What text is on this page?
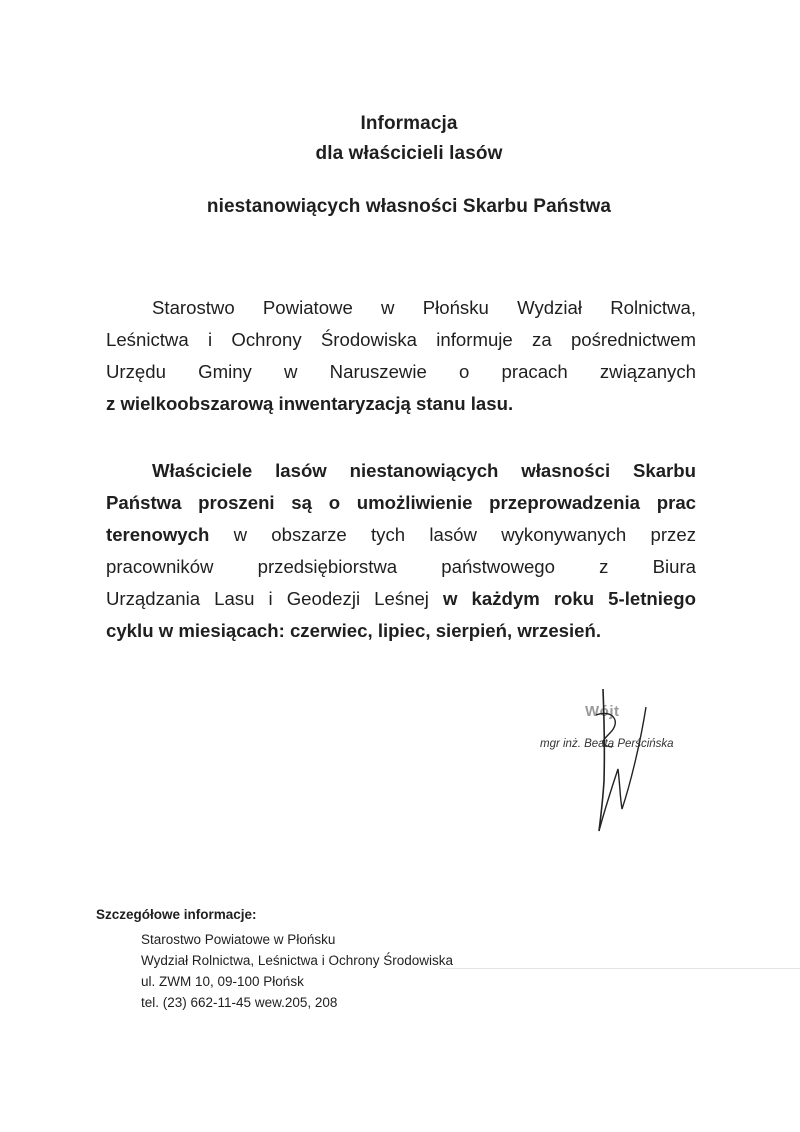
Informacja
dla właścicieli lasów
niestanowiących własności Skarbu Państwa
Starostwo Powiatowe w Płońsku Wydział Rolnictwa,
Leśnictwa i Ochrony Środowiska informuje za pośrednictwem
Urzędu Gminy w Naruszewie o pracach związanych
z wielkoobszarową inwentaryzacją stanu lasu.
Właściciele lasów niestanowiących własności Skarbu
Państwa proszeni są o umożliwienie przeprowadzenia prac
terenowych w obszarze tych lasów wykonywanych przez
pracowników przedsiębiorstwa państwowego z Biura
Urządzania Lasu i Geodezji Leśnej w każdym roku 5-letniego
cyklu w miesiącach: czerwiec, lipiec, sierpień, wrzesień.
Wójt
mgr inż. Beata Perścińska
Szczegółowe informacje:
Starostwo Powiatowe w Płońsku
Wydział Rolnictwa, Leśnictwa i Ochrony Środowiska
ul. ZWM 10, 09-100 Płońsk
tel. (23) 662-11-45 wew.205, 208
